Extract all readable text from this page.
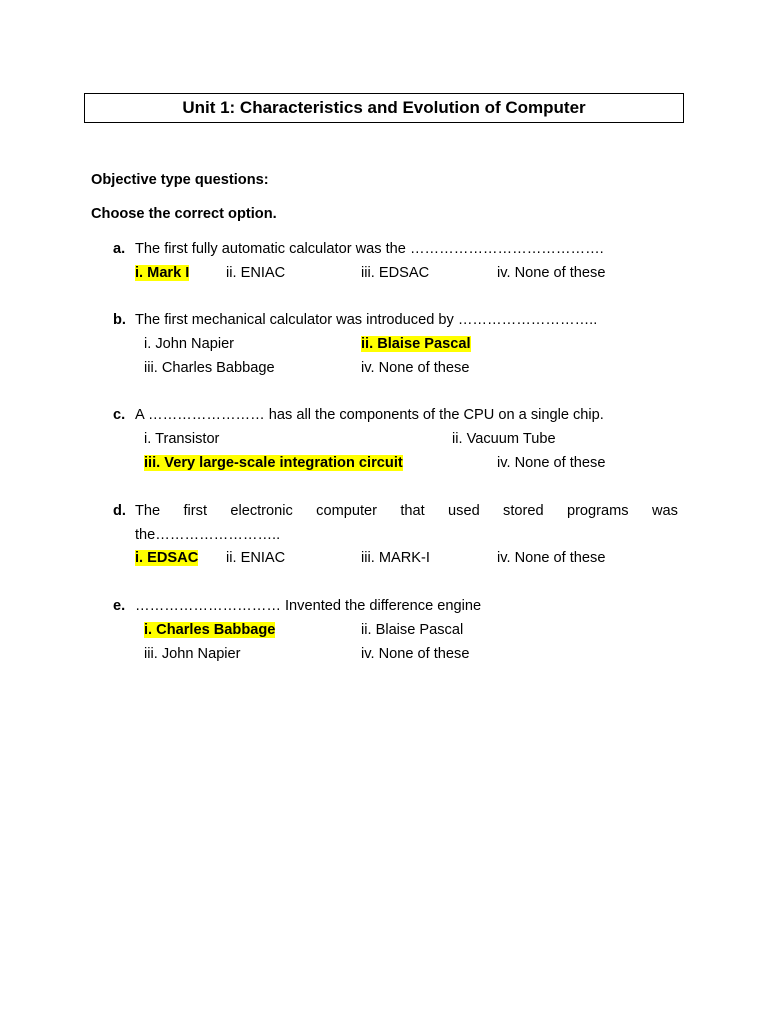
Unit 1: Characteristics and Evolution of Computer
Objective type questions:
Choose the correct option.
a. The first fully automatic calculator was the ………………………………….
i. Mark I	ii. ENIAC	iii. EDSAC	iv. None of these
b. The first mechanical calculator was introduced by ………………………..
i. John Napier	ii. Blaise Pascal
iii. Charles Babbage	iv. None of these
c. A …………………… has all the components of the CPU on a single chip.
i. Transistor	ii. Vacuum Tube
iii. Very large-scale integration circuit	iv. None of these
d. The first electronic computer that used stored programs was
the……………………..
i. EDSAC ii. ENIAC	iii. MARK-I	iv. None of these
e. ………………………… Invented the difference engine
i. Charles Babbage	ii. Blaise Pascal
iii. John Napier	iv. None of these
